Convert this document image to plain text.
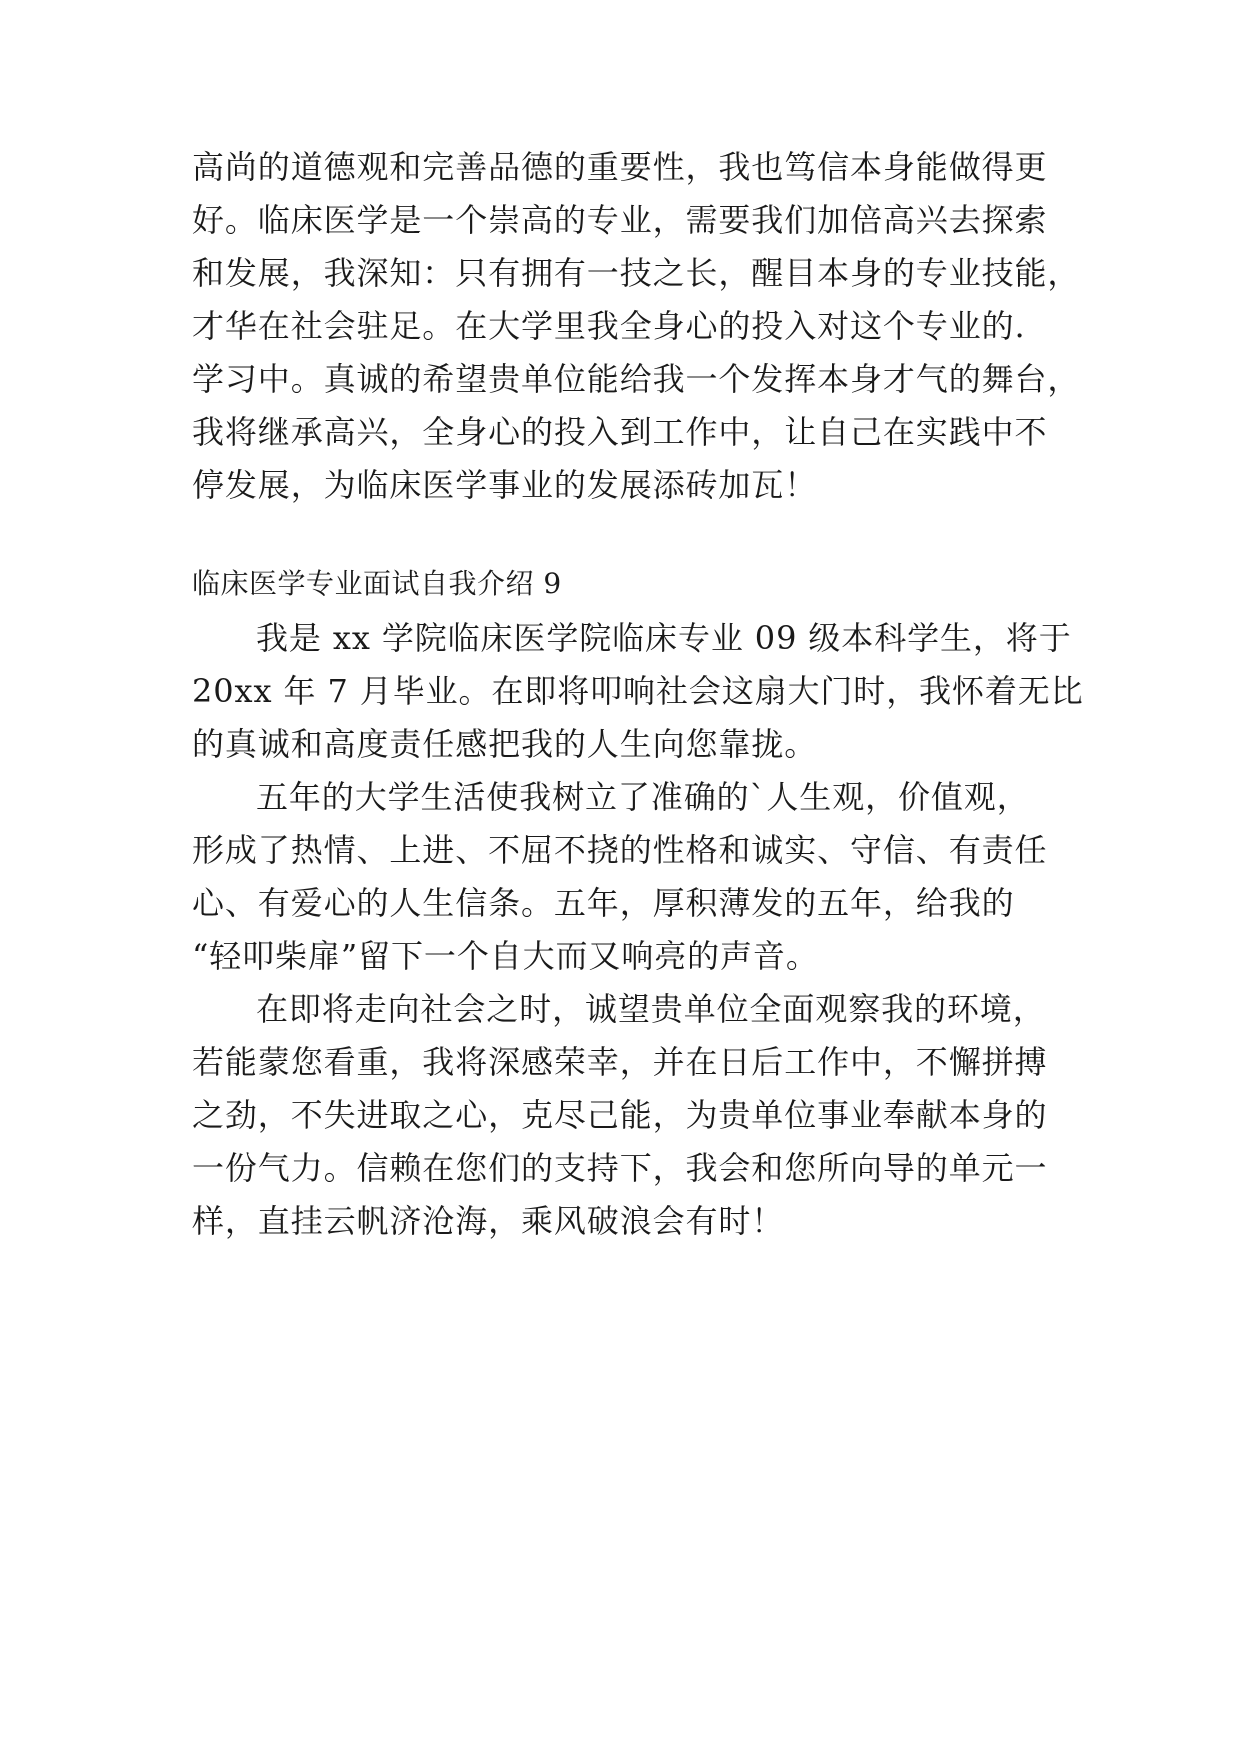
高尚的道德观和完善品德的重要性，我也笃信本身能做得更
好。临床医学是一个崇高的专业，需要我们加倍高兴去探索
和发展，我深知：只有拥有一技之长，醒目本身的专业技能，
才华在社会驻足。在大学里我全身心的投入对这个专业的.
学习中。真诚的希望贵单位能给我一个发挥本身才气的舞台，
我将继承高兴，全身心的投入到工作中，让自己在实践中不
停发展，为临床医学事业的发展添砖加瓦！
临床医学专业面试自我介绍 9
我是 xx 学院临床医学院临床专业 09 级本科学生，将于
20xx 年 7 月毕业。在即将叩响社会这扇大门时，我怀着无比
的真诚和高度责任感把我的人生向您靠拢。
五年的大学生活使我树立了准确的`人生观，价值观，
形成了热情、上进、不屈不挠的性格和诚实、守信、有责任
心、有爱心的人生信条。五年，厚积薄发的五年，给我的
“轻叩柴扉”留下一个自大而又响亮的声音。
在即将走向社会之时，诚望贵单位全面观察我的环境，
若能蒙您看重，我将深感荣幸，并在日后工作中，不懈拼搏
之劲，不失进取之心，克尽己能，为贵单位事业奉献本身的
一份气力。信赖在您们的支持下，我会和您所向导的单元一
样，直挂云帆济沧海，乘风破浪会有时！
